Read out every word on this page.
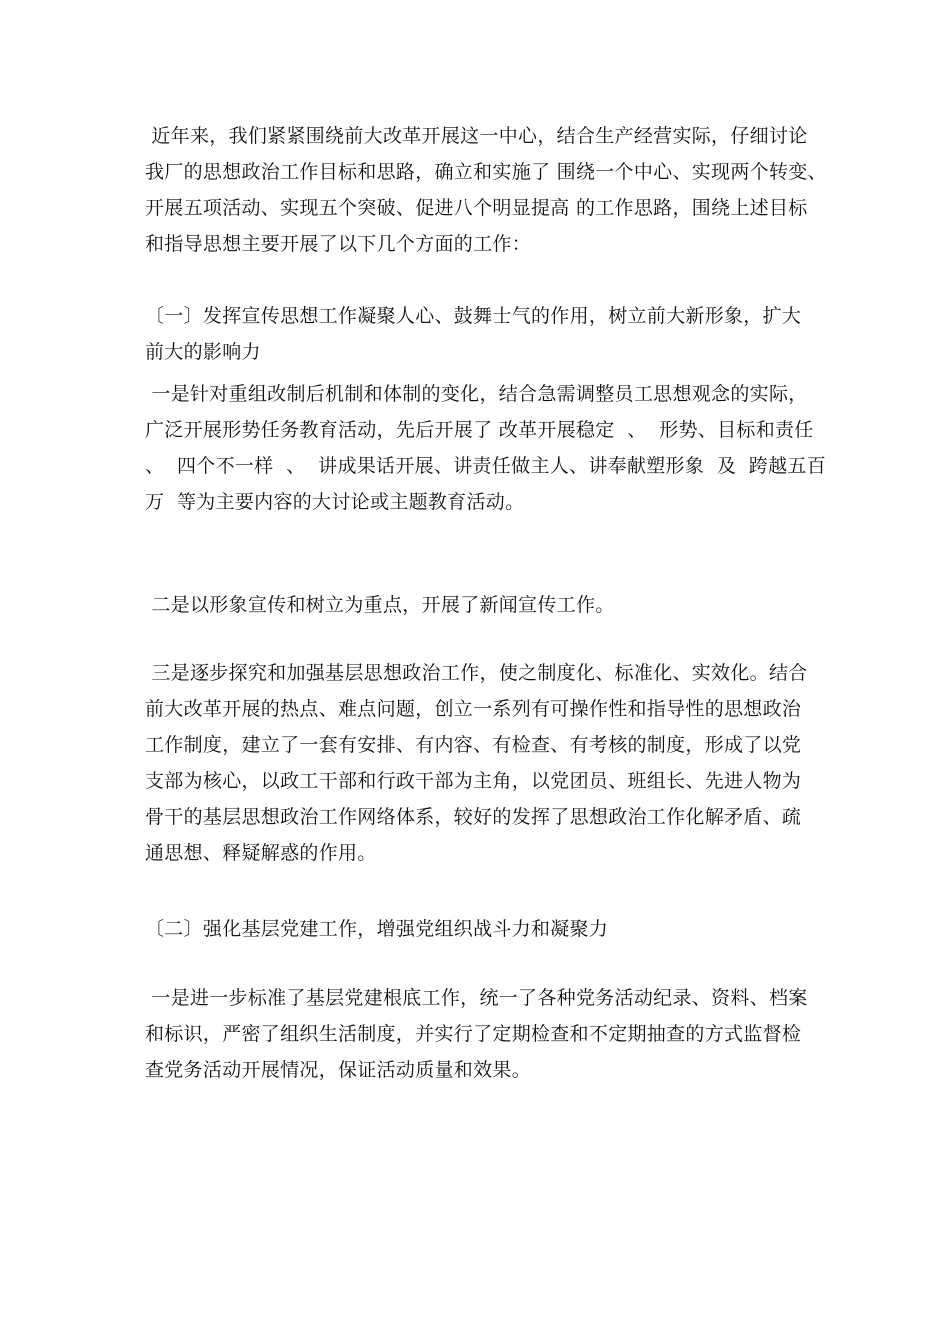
近年来，我们紧紧围绕前大改革开展这一中心，结合生产经营实际，仔细讨论
我厂的思想政治工作目标和思路，确立和实施了 围绕一个中心、实现两个转变、
开展五项活动、实现五个突破、促进八个明显提高 的工作思路，围绕上述目标
和指导思想主要开展了以下几个方面的工作：
〔一〕发挥宣传思想工作凝聚人心、鼓舞士气的作用，树立前大新形象，扩大
前大的影响力
一是针对重组改制后机制和体制的变化，结合急需调整员工思想观念的实际，
广泛开展形势任务教育活动，先后开展了 改革开展稳定  、  形势、目标和责任
、  四个不一样  、  讲成果话开展、讲责任做主人、讲奉献塑形象  及  跨越五百
万  等为主要内容的大讨论或主题教育活动。
二是以形象宣传和树立为重点，开展了新闻宣传工作。
三是逐步探究和加强基层思想政治工作，使之制度化、标准化、实效化。结合
前大改革开展的热点、难点问题，创立一系列有可操作性和指导性的思想政治
工作制度，建立了一套有安排、有内容、有检查、有考核的制度，形成了以党
支部为核心，以政工干部和行政干部为主角，以党团员、班组长、先进人物为
骨干的基层思想政治工作网络体系，较好的发挥了思想政治工作化解矛盾、疏
通思想、释疑解惑的作用。
〔二〕强化基层党建工作，增强党组织战斗力和凝聚力
一是进一步标准了基层党建根底工作，统一了各种党务活动纪录、资料、档案
和标识，严密了组织生活制度，并实行了定期检查和不定期抽查的方式监督检
查党务活动开展情况，保证活动质量和效果。
